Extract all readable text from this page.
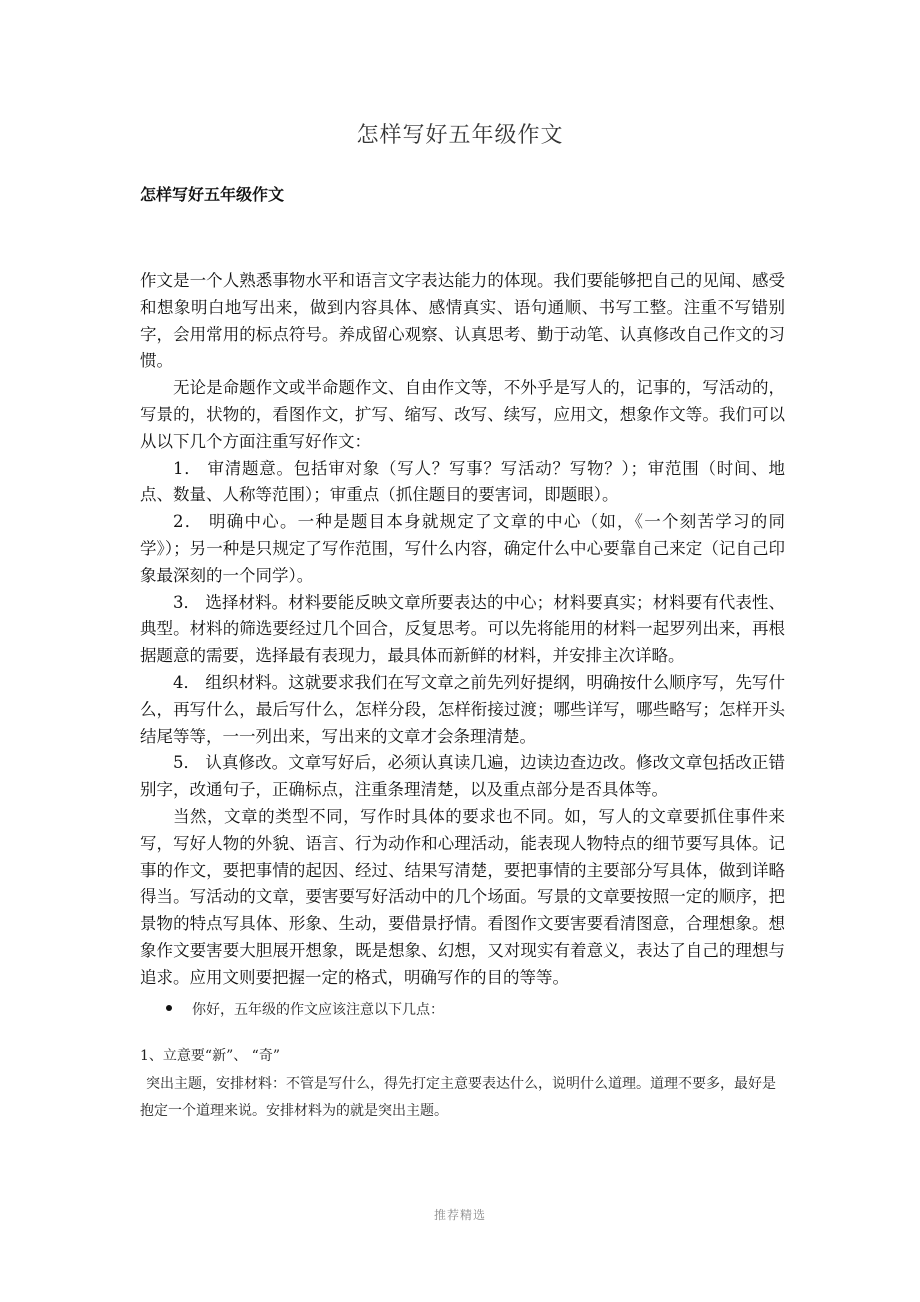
怎样写好五年级作文
怎样写好五年级作文

作文是一个人熟悉事物水平和语言文字表达能力的体现。我们要能够把自己的见闻、感受和想象明白地写出来，做到内容具体、感情真实、语句通顺、书写工整。注重不写错别字，会用常用的标点符号。养成留心观察、认真思考、勤于动笔、认真修改自己作文的习惯。

无论是命题作文或半命题作文、自由作文等，不外乎是写人的，记事的，写活动的，写景的，状物的，看图作文，扩写、缩写、改写、续写，应用文，想象作文等。我们可以从以下几个方面注重写好作文：

1． 审清题意。包括审对象（写人？写事？写活动？写物？）；审范围（时间、地点、数量、人称等范围）；审重点（抓住题目的要害词，即题眼）。

2． 明确中心。一种是题目本身就规定了文章的中心（如，《一个刻苦学习的同学》）；另一种是只规定了写作范围，写什么内容，确定什么中心要靠自己来定（记自己印象最深刻的一个同学）。

3． 选择材料。材料要能反映文章所要表达的中心；材料要真实；材料要有代表性、典型。材料的筛选要经过几个回合，反复思考。可以先将能用的材料一起罗列出来，再根据题意的需要，选择最有表现力，最具体而新鲜的材料，并安排主次详略。

4． 组织材料。这就要求我们在写文章之前先列好提纲，明确按什么顺序写，先写什么，再写什么，最后写什么，怎样分段，怎样衔接过渡；哪些详写，哪些略写；怎样开头结尾等等，一一列出来，写出来的文章才会条理清楚。

5． 认真修改。文章写好后，必须认真读几遍，边读边查边改。修改文章包括改正错别字，改通句子，正确标点，注重条理清楚，以及重点部分是否具体等。

当然，文章的类型不同，写作时具体的要求也不同。如，写人的文章要抓住事件来写，写好人物的外貌、语言、行为动作和心理活动，能表现人物特点的细节要写具体。记事的作文，要把事情的起因、经过、结果写清楚，要把事情的主要部分写具体，做到详略得当。写活动的文章，要害要写好活动中的几个场面。写景的文章要按照一定的顺序，把景物的特点写具体、形象、生动，要借景抒情。看图作文要害要看清图意，合理想象。想象作文要害要大胆展开想象，既是想象、幻想，又对现实有着意义，表达了自己的理想与追求。应用文则要把握一定的格式，明确写作的目的等等。

你好，五年级的作文应该注意以下几点：
1、立意要“新”、 “奇”
突出主题，安排材料：不管是写什么，得先打定主意要表达什么，说明什么道理。道理不要多，最好是抱定一个道理来说。安排材料为的就是突出主题。
推荐精选
